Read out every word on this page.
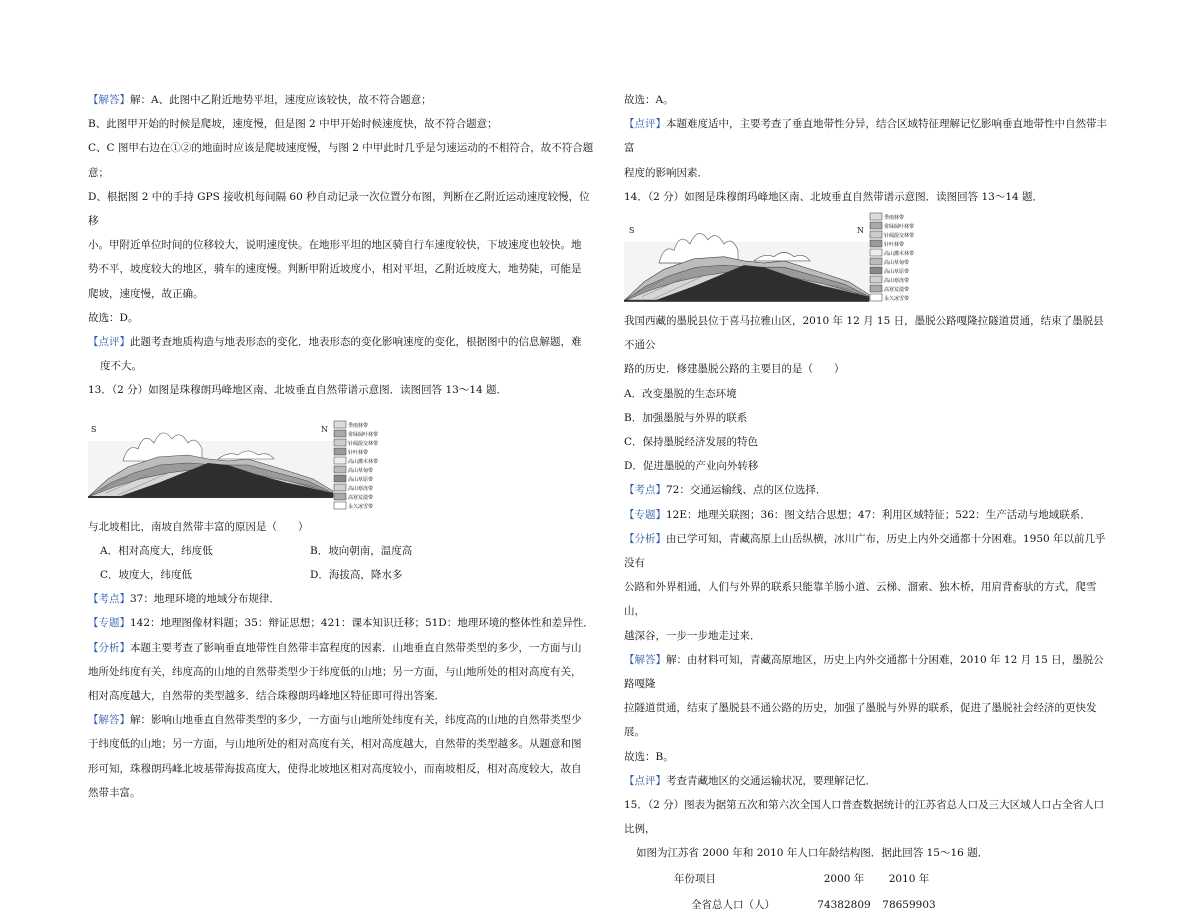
【解答】解：A、此图中乙附近地势平坦，速度应该较快，故不符合题意；

B、此图甲开始的时候是爬坡，速度慢，但是图 2 中甲开始时候速度快，故不符合题意；

C、C 图甲右边在①②的地面时应该是爬坡速度慢，与图 2 中甲此时几乎是匀速运动的不相符合，故不符合题

意；

D、根据图 2 中的手持 GPS 接收机每间隔 60 秒自动记录一次位置分布图，判断在乙附近运动速度较慢，位移

小。甲附近单位时间的位移较大，说明速度快。在地形平坦的地区骑自行车速度较快，下坡速度也较快。地

势不平，坡度较大的地区，骑车的速度慢。判断甲附近坡度小，相对平坦，乙附近坡度大，地势陡，可能是

爬坡，速度慢，故正确。

故选：D。

【点评】此题考查地质构造与地表形态的变化．地表形态的变化影响速度的变化，根据图中的信息解题，难

度不大。

13．（2 分）如图是珠穆朗玛峰地区南、北坡垂直自然带谱示意图．读图回答 13～14 题．

S	N	季雨林带
常绿阔叶林带
针阔混交林带
针叶林带
高山灌木林带
高山草甸带
高山草原带
高山寒冻带
高寒荒漠带
永久冰雪带

与北坡相比，南坡自然带丰富的原因是（　　）

A．相对高度大，纬度低	B．坡向朝南，温度高

C．坡度大，纬度低	D．海拔高，降水多

【考点】37：地理环境的地域分布规律．

【专题】142：地理图像材料题；35：辩证思想；421：课本知识迁移；51D：地理环境的整体性和差异性．

【分析】本题主要考查了影响垂直地带性自然带丰富程度的因素．山地垂直自然带类型的多少，一方面与山

地所处纬度有关，纬度高的山地的自然带类型少于纬度低的山地；另一方面，与山地所处的相对高度有关，

相对高度越大，自然带的类型越多．结合珠穆朗玛峰地区特征即可得出答案．

【解答】解：影响山地垂直自然带类型的多少，一方面与山地所处纬度有关，纬度高的山地的自然带类型少

于纬度低的山地；另一方面，与山地所处的相对高度有关，相对高度越大，自然带的类型越多。从题意和图

形可知，珠穆朗玛峰北坡基带海拔高度大，使得北坡地区相对高度较小，而南坡相反，相对高度较大，故自

然带丰富。

故选：A。

【点评】本题难度适中，主要考查了垂直地带性分异，结合区域特征理解记忆影响垂直地带性中自然带丰富

程度的影响因素．

14．（2 分）如图是珠穆朗玛峰地区南、北坡垂直自然带谱示意图．读图回答 13～14 题．

S	N
季雨林带
常绿阔叶林带
针阔混交林带
针叶林带
高山灌木林带
高山草甸带
高山草原带
高山寒冻带
高寒荒漠带
永久冰雪带

我国西藏的墨脱县位于喜马拉雅山区，2010 年 12 月 15 日，墨脱公路嘎隆拉隧道贯通，结束了墨脱县不通公

路的历史．修建墨脱公路的主要目的是（　　）

A．改变墨脱的生态环境

B．加强墨脱与外界的联系

C．保持墨脱经济发展的特色

D．促进墨脱的产业向外转移

【考点】72：交通运输线、点的区位选择．

【专题】12E：地理关联图；36：图文结合思想；47：利用区域特征；522：生产活动与地域联系．

【分析】由已学可知，青藏高原上山岳纵横，冰川广布，历史上内外交通都十分困难。1950 年以前几乎没有

公路和外界相通，人们与外界的联系只能靠羊肠小道、云梯、溜索、独木桥，用肩背畜驮的方式，爬雪山，

越深谷，一步一步地走过来．

【解答】解：由材料可知，青藏高原地区，历史上内外交通都十分困难，2010 年 12 月 15 日，墨脱公路嘎隆

拉隧道贯通，结束了墨脱县不通公路的历史，加强了墨脱与外界的联系，促进了墨脱社会经济的更快发展。

故选：B。

【点评】考查青藏地区的交通运输状况，要理解记忆．

15．（2 分）图表为据第五次和第六次全国人口普查数据统计的江苏省总人口及三大区域人口占全省人口比例，

如图为江苏省 2000 年和 2010 年人口年龄结构图．据此回答 15～16 题．

年份项目	2000 年	2010 年
全省总人口（人）	74382809	78659903
